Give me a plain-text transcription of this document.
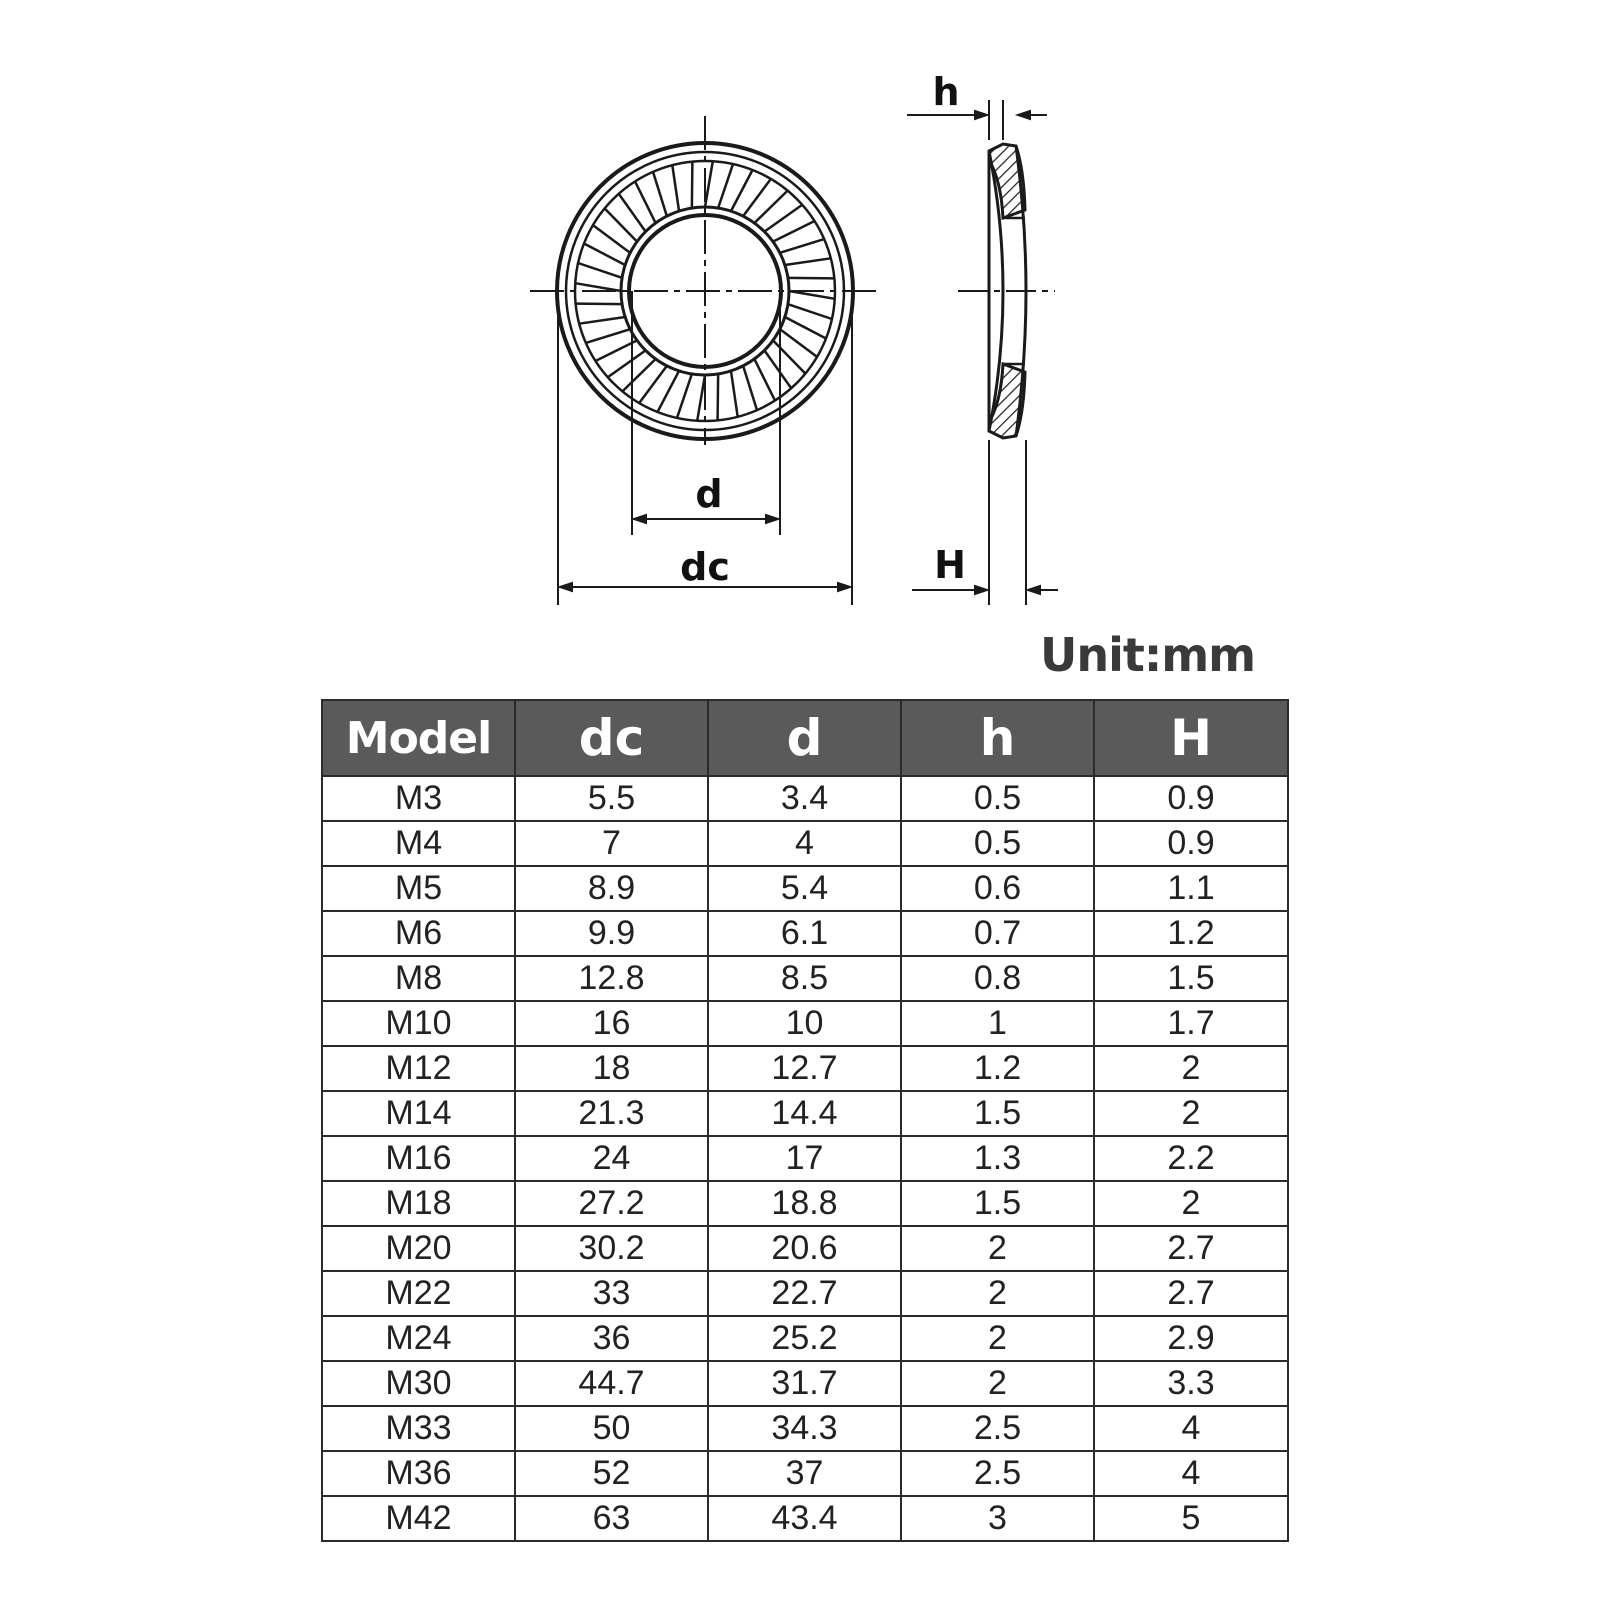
d
dc
h
H
Unit:mm
Model	dc	d	h	H
M3	5.5	3.4	0.5	0.9
M4	7	4	0.5	0.9
M5	8.9	5.4	0.6	1.1
M6	9.9	6.1	0.7	1.2
M8	12.8	8.5	0.8	1.5
M10	16	10	1	1.7
M12	18	12.7	1.2	2
M14	21.3	14.4	1.5	2
M16	24	17	1.3	2.2
M18	27.2	18.8	1.5	2
M20	30.2	20.6	2	2.7
M22	33	22.7	2	2.7
M24	36	25.2	2	2.9
M30	44.7	31.7	2	3.3
M33	50	34.3	2.5	4
M36	52	37	2.5	4
M42	63	43.4	3	5
